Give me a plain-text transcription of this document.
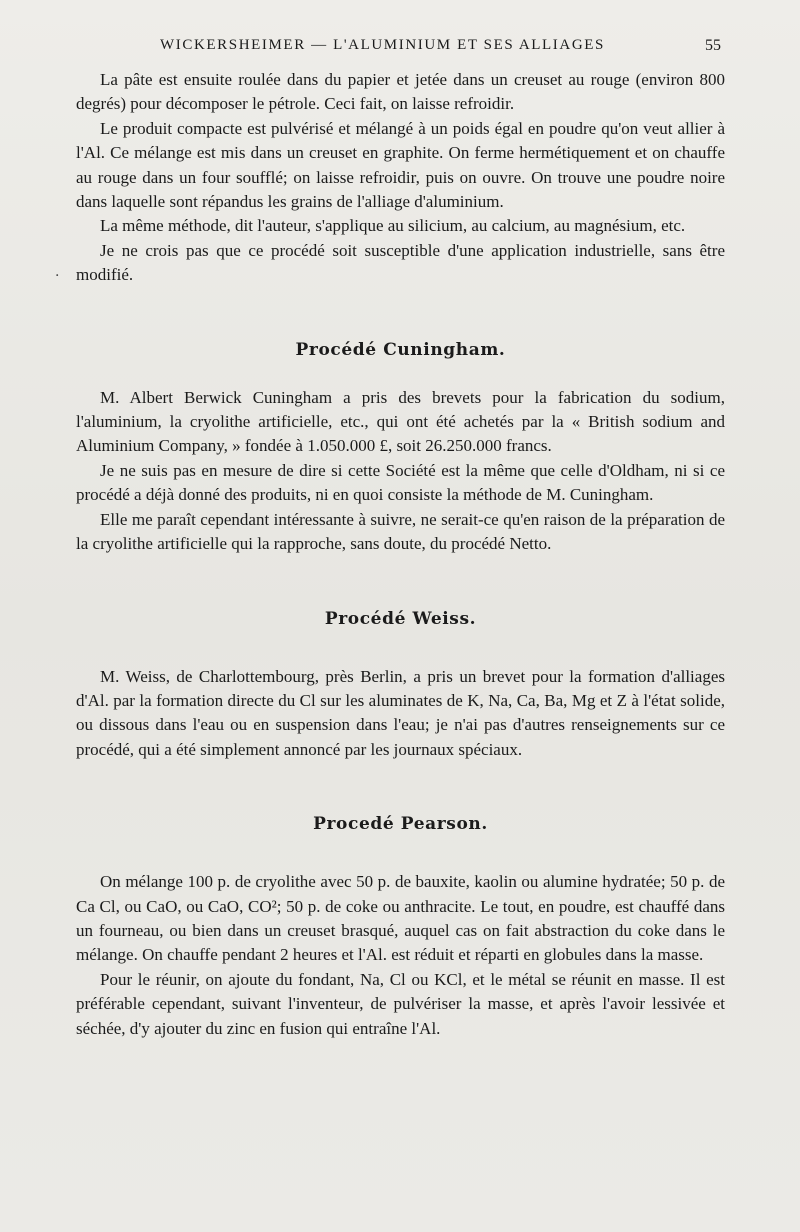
WICKERSHEIMER — L'ALUMINIUM ET SES ALLIAGES	55
·

La pâte est ensuite roulée dans du papier et jetée dans un creuset au rouge (environ 800 degrés) pour décomposer le pétrole. Ceci fait, on laisse refroidir.

Le produit compacte est pulvérisé et mélangé à un poids égal en poudre qu'on veut allier à l'Al. Ce mélange est mis dans un creuset en graphite. On ferme hermétiquement et on chauffe au rouge dans un four soufflé; on laisse refroidir, puis on ouvre. On trouve une poudre noire dans laquelle sont répandus les grains de l'alliage d'aluminium.

La même méthode, dit l'auteur, s'applique au silicium, au calcium, au magnésium, etc.

Je ne crois pas que ce procédé soit susceptible d'une application industrielle, sans être modifié.

Procédé Cuningham.

M. Albert Berwick Cuningham a pris des brevets pour la fabrication du sodium, l'aluminium, la cryolithe artificielle, etc., qui ont été achetés par la « British sodium and Aluminium Company, » fondée à 1.050.000 £, soit 26.250.000 francs.

Je ne suis pas en mesure de dire si cette Société est la même que celle d'Oldham, ni si ce procédé a déjà donné des produits, ni en quoi consiste la méthode de M. Cuningham.

Elle me paraît cependant intéressante à suivre, ne serait-ce qu'en raison de la préparation de la cryolithe artificielle qui la rapproche, sans doute, du procédé Netto.

Procédé Weiss.

M. Weiss, de Charlottembourg, près Berlin, a pris un brevet pour la formation d'alliages d'Al. par la formation directe du Cl sur les aluminates de K, Na, Ca, Ba, Mg et Z à l'état solide, ou dissous dans l'eau ou en suspension dans l'eau; je n'ai pas d'autres renseignements sur ce procédé, qui a été simplement annoncé par les journaux spéciaux.

Procedé Pearson.

On mélange 100 p. de cryolithe avec 50 p. de bauxite, kaolin ou alumine hydratée; 50 p. de Ca Cl, ou CaO, ou CaO, CO²; 50 p. de coke ou anthracite. Le tout, en poudre, est chauffé dans un fourneau, ou bien dans un creuset brasqué, auquel cas on fait abstraction du coke dans le mélange. On chauffe pendant 2 heures et l'Al. est réduit et réparti en globules dans la masse.

Pour le réunir, on ajoute du fondant, Na, Cl ou KCl, et le métal se réunit en masse. Il est préférable cependant, suivant l'inventeur, de pulvériser la masse, et après l'avoir lessivée et séchée, d'y ajouter du zinc en fusion qui entraîne l'Al.
